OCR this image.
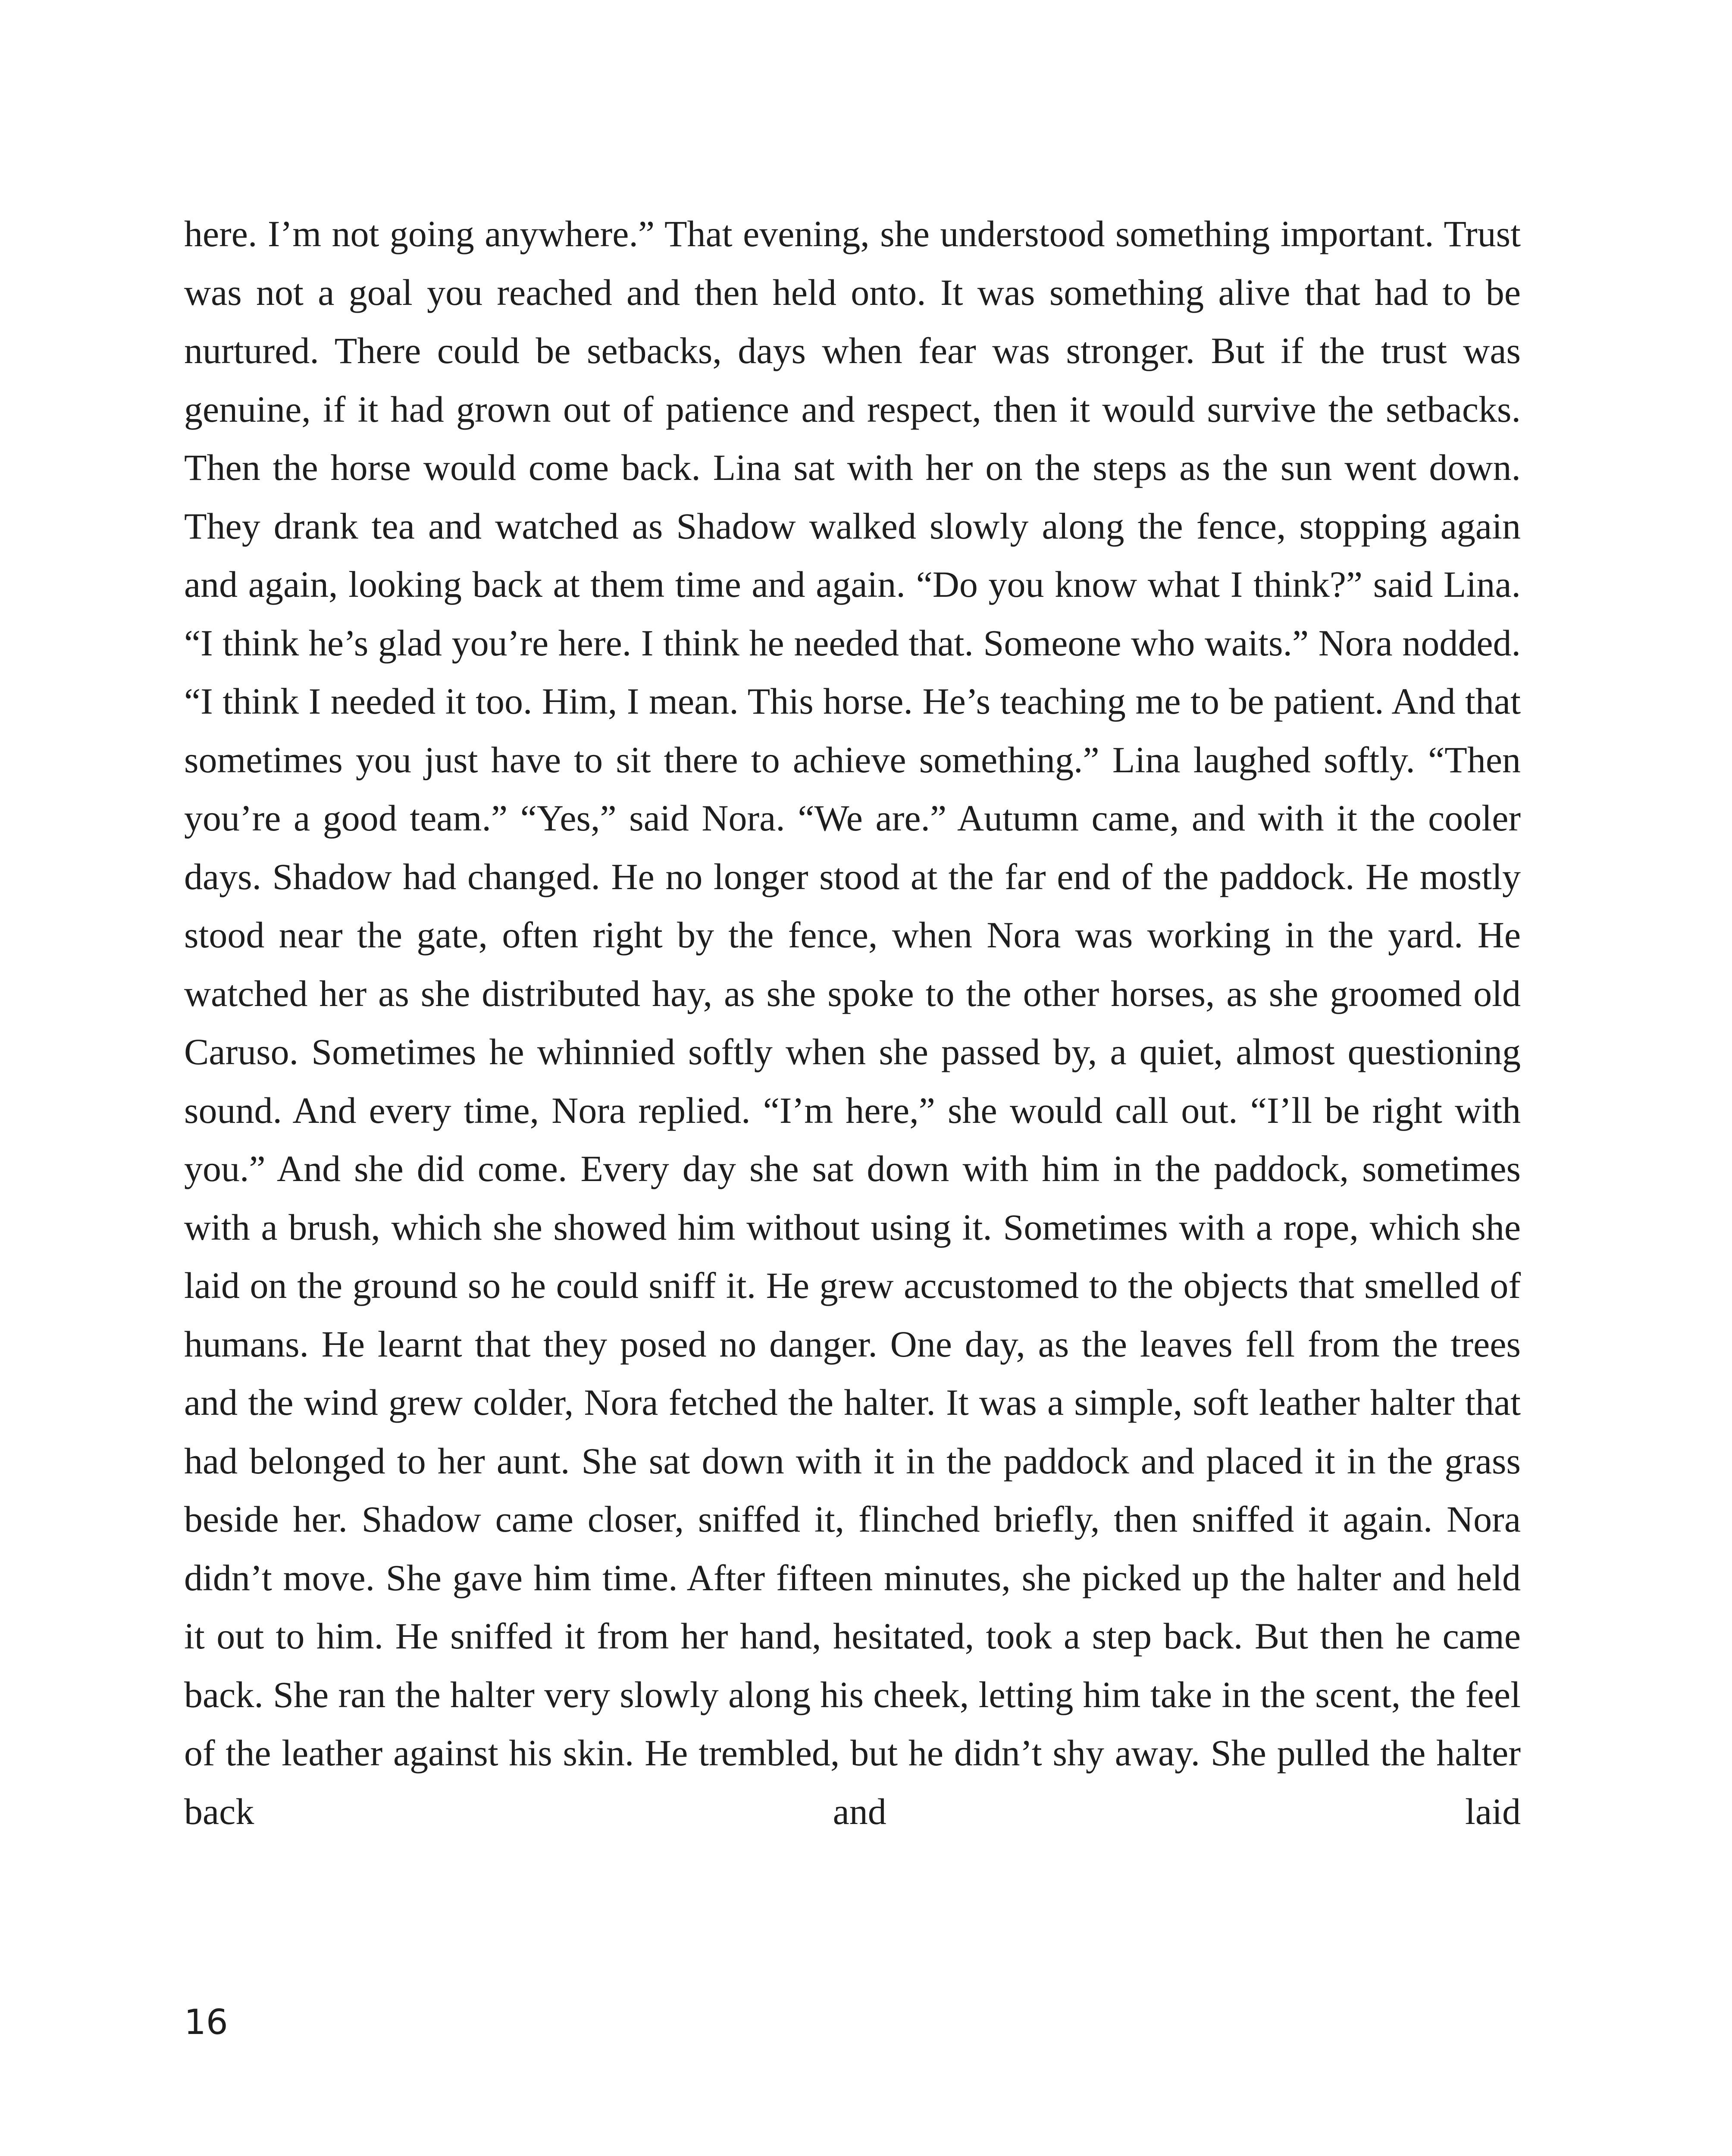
here. I’m not going anywhere.” That evening, she understood something important. Trust was not a goal you reached and then held onto. It was something alive that had to be nurtured. There could be setbacks, days when fear was stronger. But if the trust was genuine, if it had grown out of patience and respect, then it would survive the setbacks. Then the horse would come back. Lina sat with her on the steps as the sun went down. They drank tea and watched as Shadow walked slowly along the fence, stopping again and again, looking back at them time and again. “Do you know what I think?” said Lina. “I think he’s glad you’re here. I think he needed that. Someone who waits.” Nora nodded. “I think I needed it too. Him, I mean. This horse. He’s teaching me to be patient. And that sometimes you just have to sit there to achieve something.” Lina laughed softly. “Then you’re a good team.” “Yes,” said Nora. “We are.” Autumn came, and with it the cooler days. Shadow had changed. He no longer stood at the far end of the paddock. He mostly stood near the gate, often right by the fence, when Nora was working in the yard. He watched her as she distributed hay, as she spoke to the other horses, as she groomed old Caruso. Sometimes he whinnied softly when she passed by, a quiet, almost questioning sound. And every time, Nora replied. “I’m here,” she would call out. “I’ll be right with you.” And she did come. Every day she sat down with him in the paddock, sometimes with a brush, which she showed him without using it. Sometimes with a rope, which she laid on the ground so he could sniff it. He grew accustomed to the objects that smelled of humans. He learnt that they posed no danger. One day, as the leaves fell from the trees and the wind grew colder, Nora fetched the halter. It was a simple, soft leather halter that had belonged to her aunt. She sat down with it in the paddock and placed it in the grass beside her. Shadow came closer, sniffed it, flinched briefly, then sniffed it again. Nora didn’t move. She gave him time. After fifteen minutes, she picked up the halter and held it out to him. He sniffed it from her hand, hesitated, took a step back. But then he came back. She ran the halter very slowly along his cheek, letting him take in the scent, the feel of the leather against his skin. He trembled, but he didn’t shy away. She pulled the halter back and laid

16
